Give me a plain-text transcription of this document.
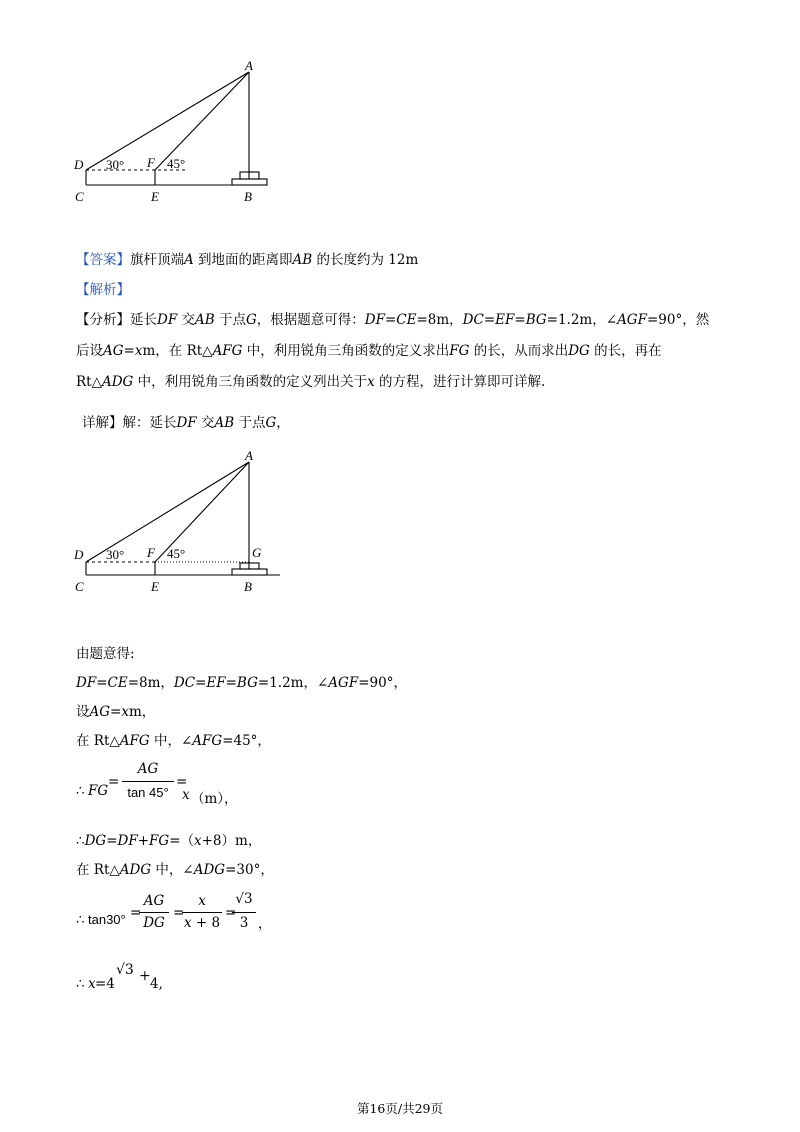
A
D 30° F 45°
C	E	B
【答案】旗杆顶端A 到地面的距离即AB 的长度约为 12m
【解析】
【分析】延长DF 交AB 于点G，根据题意可得：DF=CE=8m，DC=EF=BG=1.2m，∠AGF=90°，然
后设AG=xm，在 Rt△AFG 中，利用锐角三角函数的定义求出FG 的长，从而求出DG 的长，再在
Rt△ADG 中，利用锐角三角函数的定义列出关于x 的方程，进行计算即可详解.
详解】解：延长DF 交AB 于点G，
A
D 30° F 45°	G
C	E	B
由题意得:
DF=CE=8m，DC=EF=BG=1.2m，∠AGF=90°，
设AG=xm，
在 Rt△AFG 中，∠AFG=45°，
∴ FG
=
AG
tan 45°
=
x （m），
∴DG=DF+FG=（x+8）m，
在 Rt△ADG 中，∠ADG=30°，
∴ tan30° =
AG
DG
=
x
x + 8
=
√3
3 ，
∴ x =4
√3 + 4,
第16页/共29页
